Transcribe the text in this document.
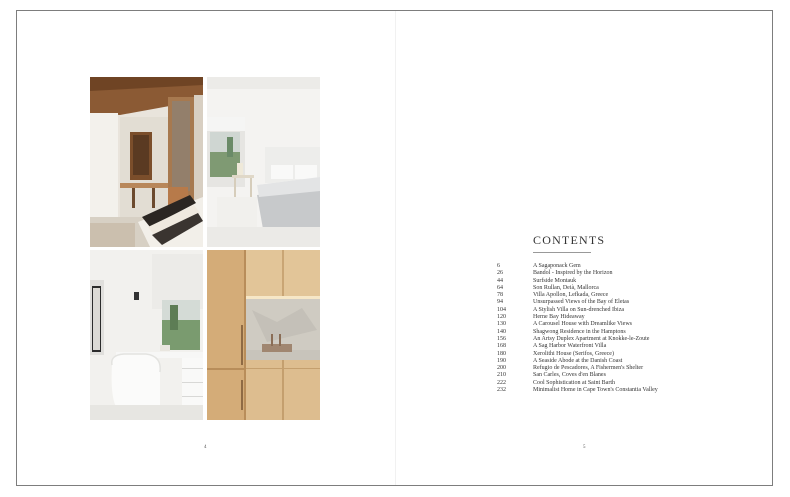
CONTENTS
6	A Sagaponack Gem
26	Bandol - Inspired by the Horizon
44	Surfside Montauk
64	Son Rullan, Deià, Mallorca
78	Villa Apollon, Lefkada, Greece
94	Unsurpassed Views of the Bay of Eletas
104	A Stylish Villa on Sun-drenched Ibiza
120	Herne Bay Hideaway
130	A Carousel House with Dreamlike Views
140	Shagwong Residence in the Hamptons
156	An Artsy Duplex Apartment at Knokke-le-Zoute
168	A Sag Harbor Waterfront Villa
180	Xerolithi House (Serifos, Greece)
190	A Seaside Abode at the Danish Coast
200	Refugio de Pescadores, A Fishermen's Shelter
210	San Carles, Coves d'en Blanes
222	Cool Sophistication at Saint Barth
232	Minimalist Home in Cape Town's Constantia Valley
4	5
